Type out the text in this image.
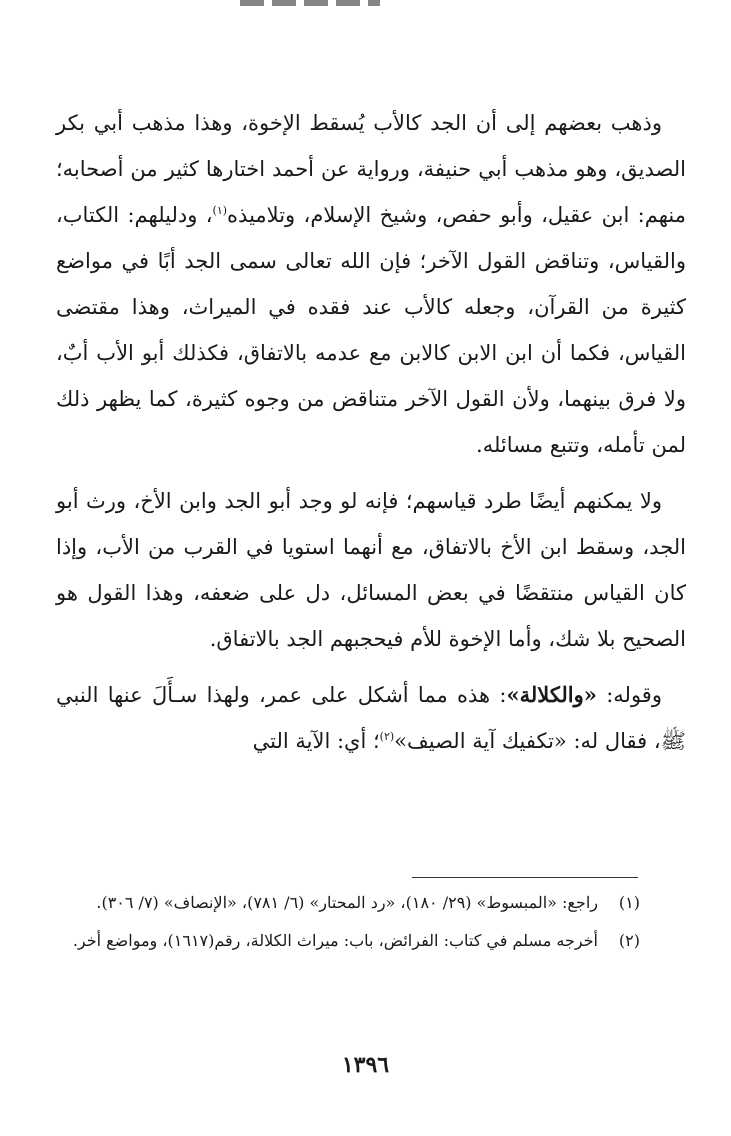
وذهب بعضهم إلى أن الجد كالأب يُسقط الإخوة، وهذا مذهب أبي بكر الصديق، وهو مذهب أبي حنيفة، ورواية عن أحمد اختارها كثير من أصحابه؛ منهم: ابن عقيل، وأبو حفص، وشيخ الإسلام، وتلاميذه$^{(١)}$، ودليلهم: الكتاب، والقياس، وتناقض القول الآخر؛ فإن الله تعالى سمى الجد أبًا في مواضع كثيرة من القرآن، وجعله كالأب عند فقده في الميراث، وهذا مقتضى القياس، فكما أن ابن الابن كالابن مع عدمه بالاتفاق، فكذلك أبو الأب أبٌ، ولا فرق بينهما، ولأن القول الآخر متناقض من وجوه كثيرة، كما يظهر ذلك لمن تأمله، وتتبع مسائله.

ولا يمكنهم أيضًا طرد قياسهم؛ فإنه لو وجد أبو الجد وابن الأخ، ورث أبو الجد، وسقط ابن الأخ بالاتفاق، مع أنهما استويا في القرب من الأب، وإذا كان القياس منتقضًا في بعض المسائل، دل على ضعفه، وهذا القول هو الصحيح بلا شك، وأما الإخوة للأم فيحجبهم الجد بالاتفاق.

وقوله: «والكلالة»: هذه مما أشكل على عمر، ولهذا سـأَلَ عنها النبي ﷺ، فقال له: «تكفيك آية الصيف»$^{(٢)}$؛ أي: الآية التي

(١)
راجع: «المبسوط» (٢٩/ ١٨٠)، «رد المحتار» (٦/ ٧٨١)، «الإنصاف» (٧/ ٣٠٦).
(٢)
أخرجه مسلم في كتاب: الفرائض، باب: ميراث الكلالة، رقم(١٦١٧)، ومواضع أخر.
١٣٩٦
